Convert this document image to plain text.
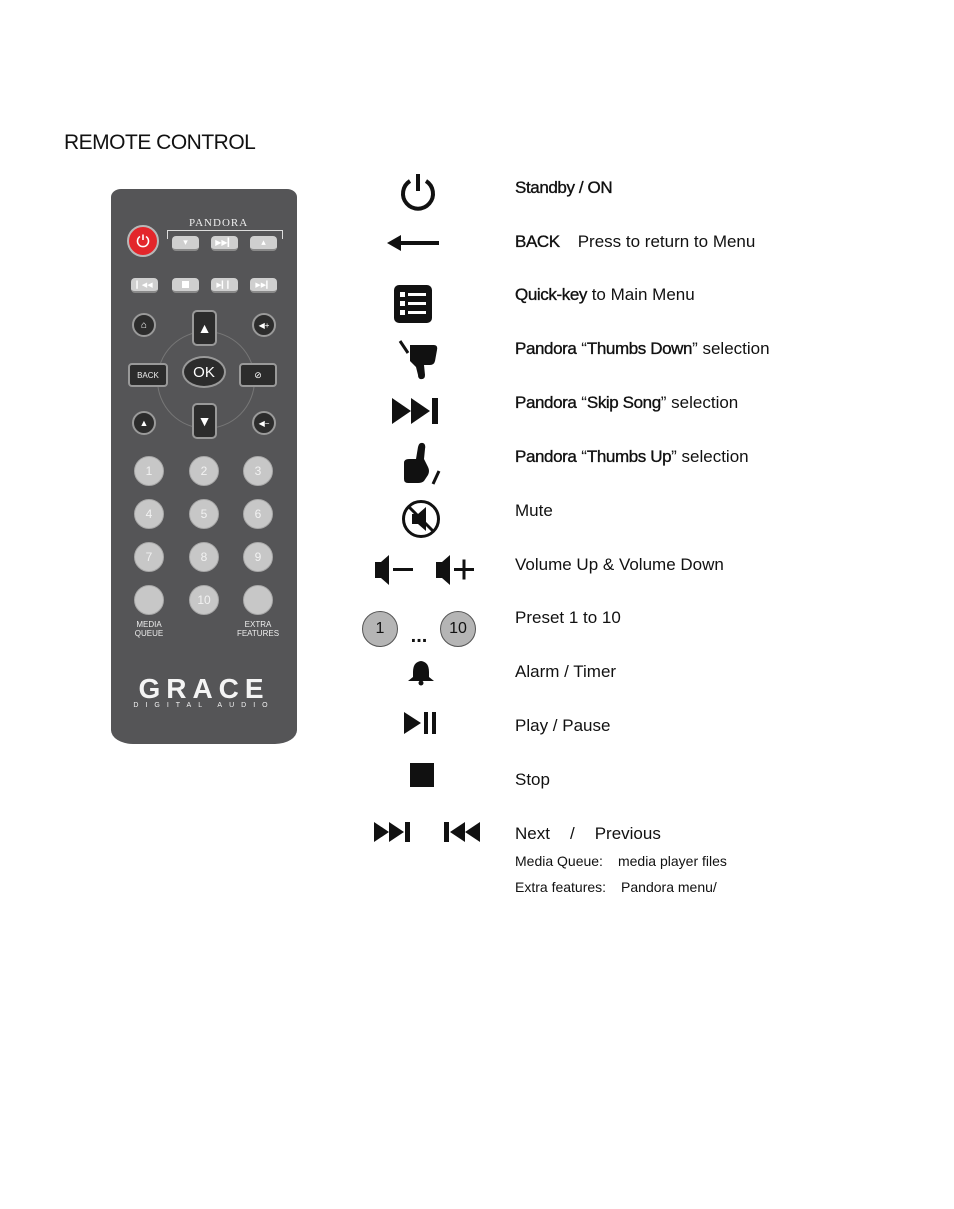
REMOTE CONTROL
PANDORA
▾	▶▶▎	▴
▎◀◀	▶▎▎	▶▶▎
⌂	◀+
▲
BACK	OK	⊘
▲	▼	◀−
1	2	3
4	5	6
7	8	9
10
MEDIA
QUEUE
EXTRA
FEATURES
GRACE
DIGITAL AUDIO
1	...	10
Standby / ON
BACK Press to return to Menu
Quick-key to Main Menu
Pandora “Thumbs Down” selection
Pandora “Skip Song” selection
Pandora “Thumbs Up” selection
Mute
Volume Up & Volume Down
Preset 1 to 10
Alarm / Timer
Play / Pause
Stop
Next / Previous
Media Queue: media player files
Extra features: Pandora menu/
